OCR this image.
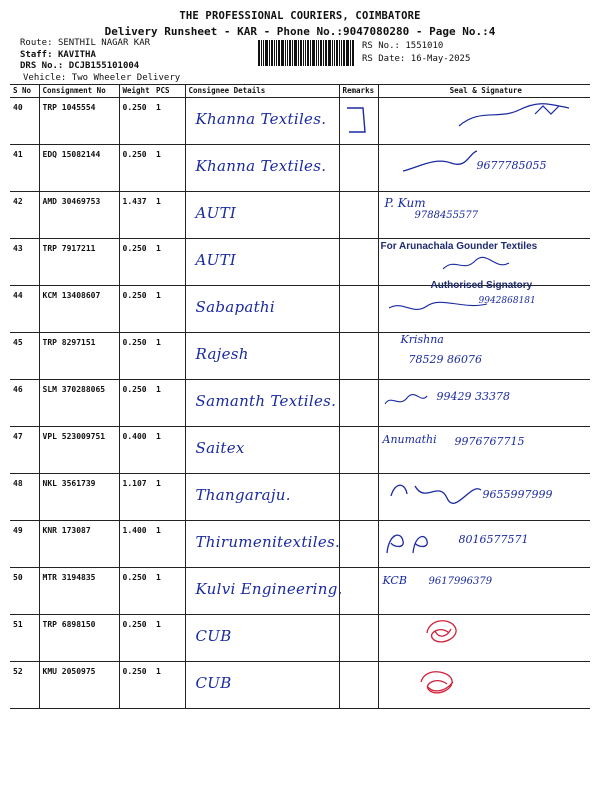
THE PROFESSIONAL COURIERS, COIMBATORE
Delivery Runsheet - KAR - Phone No.:9047080280 - Page No.:4
Route: SENTHIL NAGAR KAR
Staff: KAVITHA
DRS No.: DCJB155101004
Vehicle: Two Wheeler Delivery
RS No.: 1551010
RS Date: 16-May-2025
S No	Consignment No	Weight	PCS	Consignee Details	Remarks	Seal & Signature
40	TRP 1045554	0.250	1	Khanna Textiles.

41	EDQ 15082144	0.250	1	Khanna Textiles.		9677785055

42	AMD 30469753	1.437	1	AUTI		P. Kum
9788455577

43	TRP 7917211	0.250	1	AUTI		For Arunachala Gounder Textiles

44	KCM 13408607	0.250	1	Sabapathi		Authorised Signatory
9942868181

45	TRP 8297151	0.250	1	Rajesh		Krishna
78529 86076

46	SLM 370288065	0.250	1	Samanth Textiles.		99429 33378

47	VPL 523009751	0.400	1	Saitex		Anumathi 9976767715

48	NKL 3561739	1.107	1	Thangaraju.		9655997999

49	KNR 173087	1.400	1	Thirumenitextiles.		8016577571

50	MTR 3194835	0.250	1	Kulvi Engineering.		KCB 9617996379

51	TRP 6898150	0.250	1	CUB

52	KMU 2050975	0.250	1	CUB
